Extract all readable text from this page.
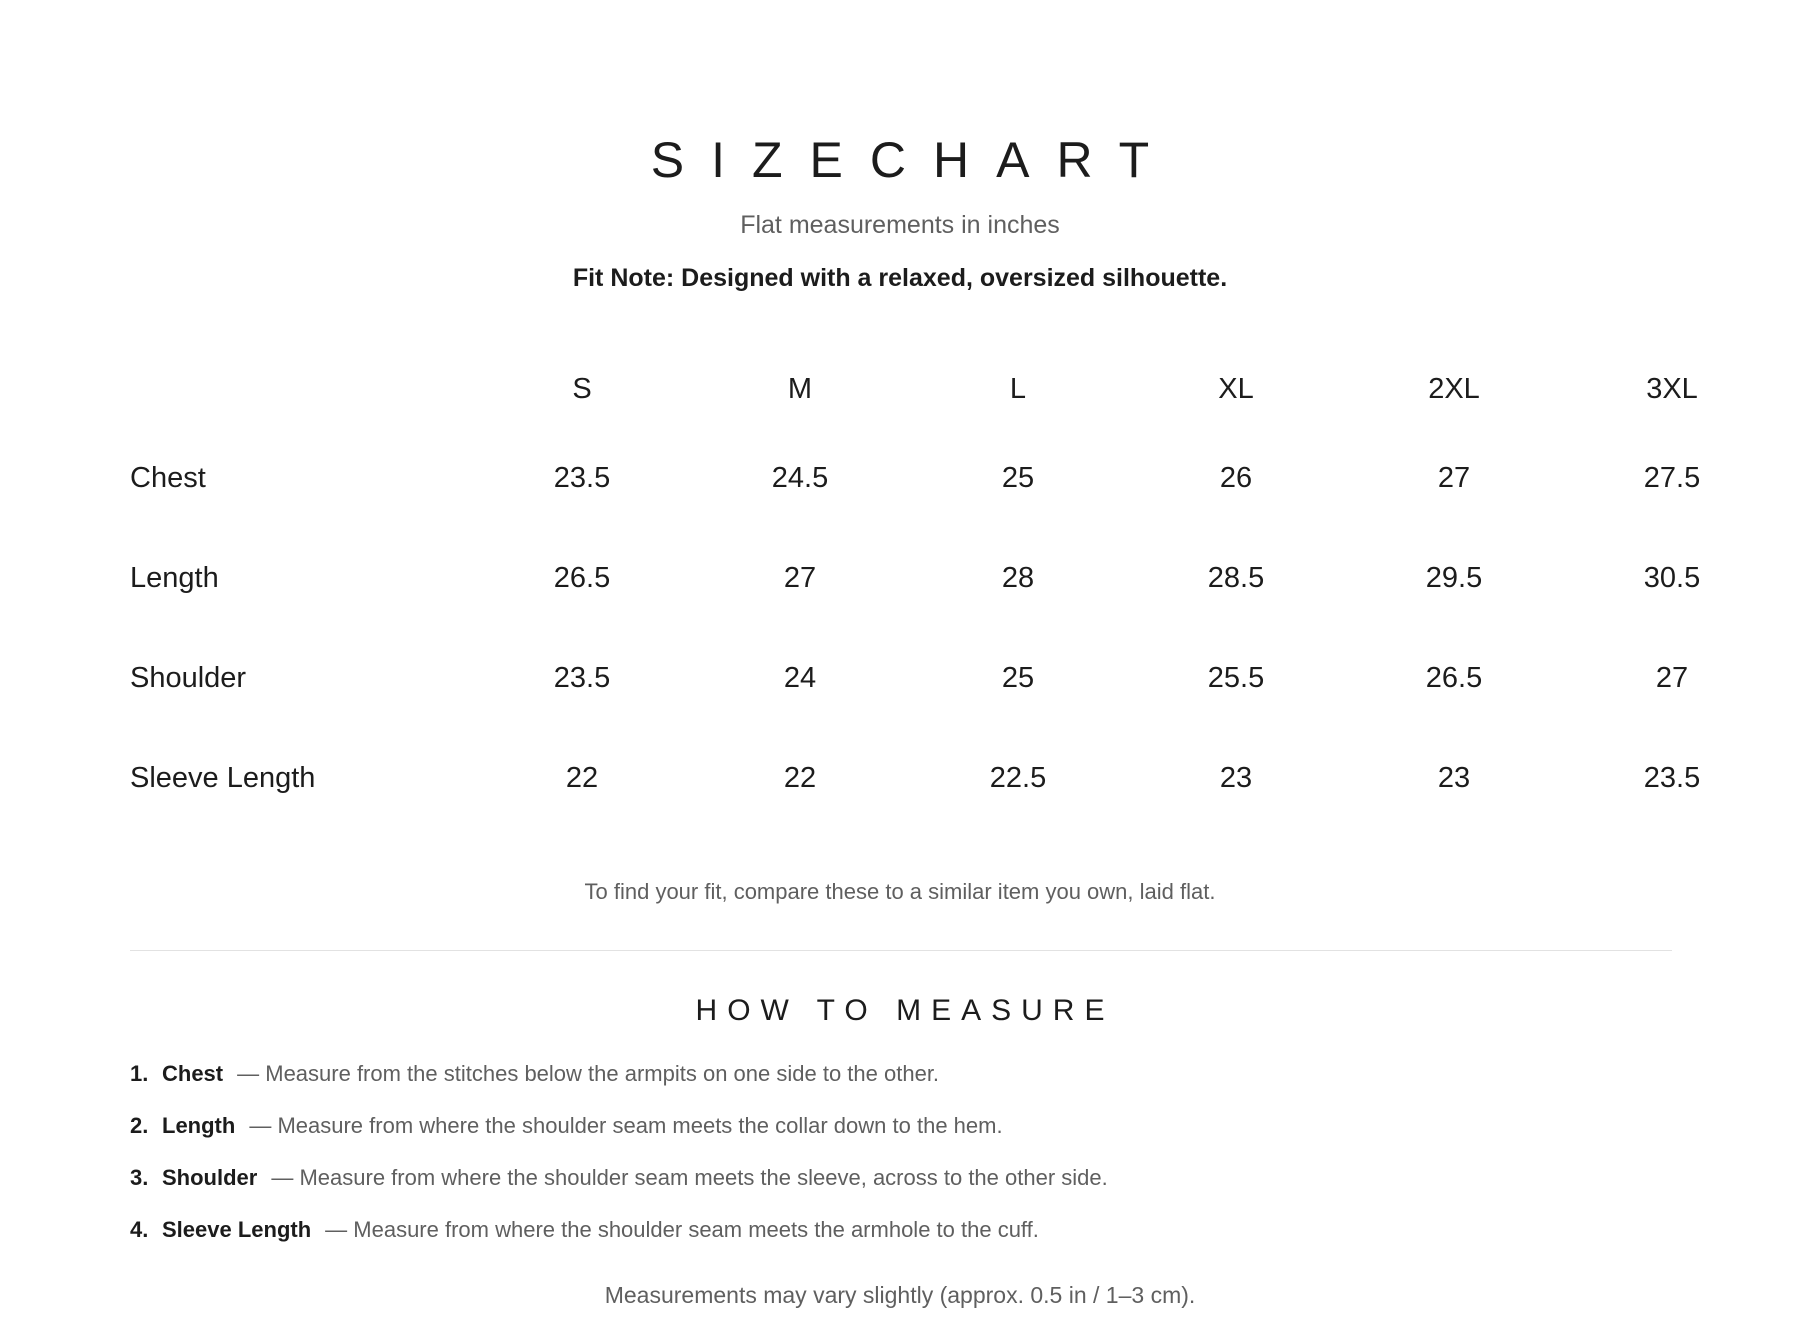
SIZECHART

Flat measurements in inches

Fit Note: Designed with a relaxed, oversized silhouette.

	S	M	L	XL	2XL	3XL
Chest	23.5	24.5	25	26	27	27.5
Length	26.5	27	28	28.5	29.5	30.5
Shoulder	23.5	24	25	25.5	26.5	27
Sleeve Length	22	22	22.5	23	23	23.5

To find your fit, compare these to a similar item you own, laid flat.

HOW TO MEASURE
1. Chest — Measure from the stitches below the armpits on one side to the other.
2. Length — Measure from where the shoulder seam meets the collar down to the hem.
3. Shoulder — Measure from where the shoulder seam meets the sleeve, across to the other side.
4. Sleeve Length — Measure from where the shoulder seam meets the armhole to the cuff.

Measurements may vary slightly (approx. 0.5 in / 1–3 cm).
